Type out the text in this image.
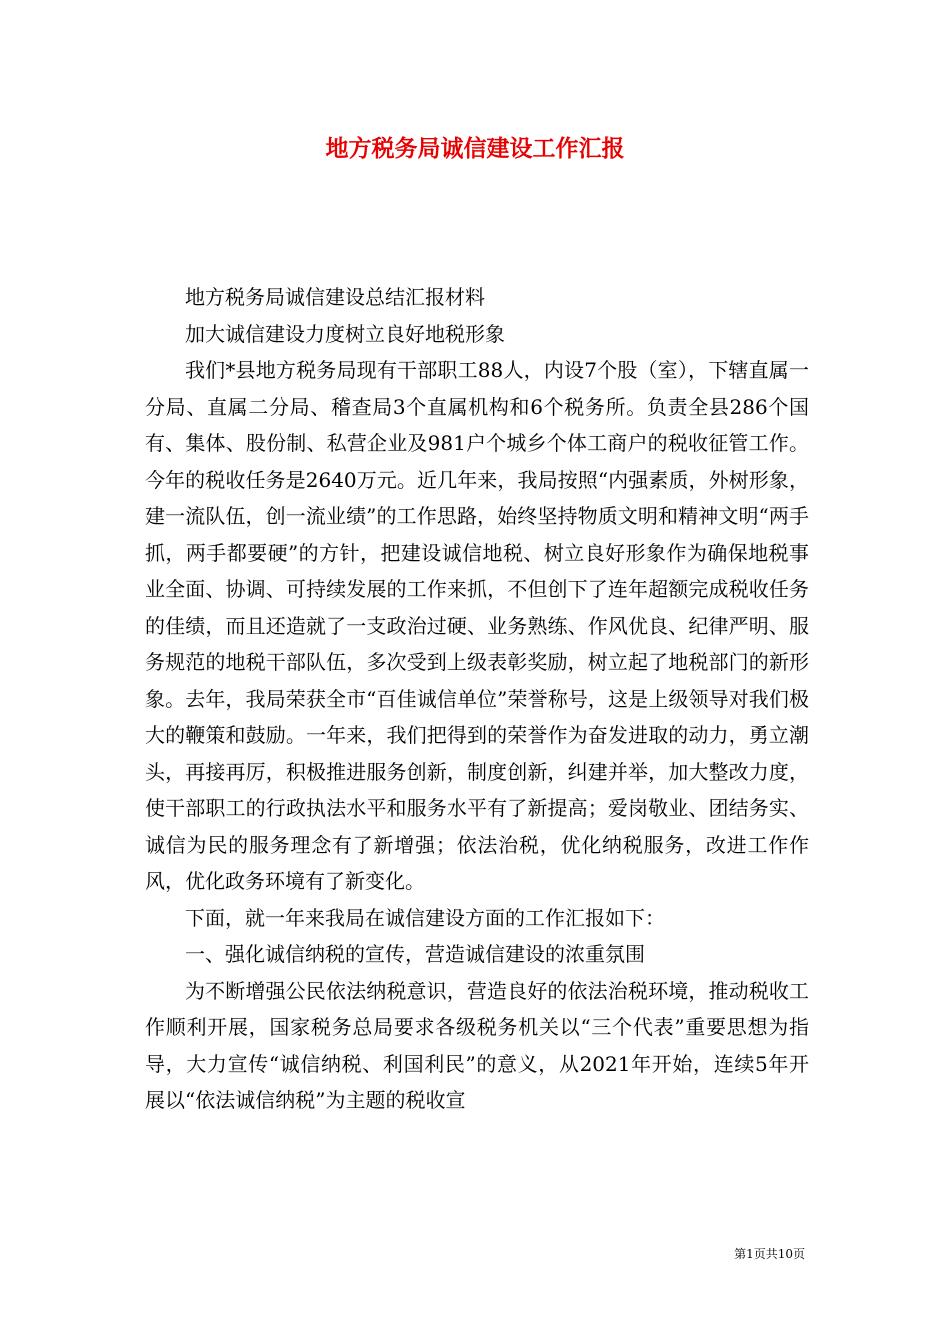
地方税务局诚信建设工作汇报

地方税务局诚信建设总结汇报材料

加大诚信建设力度树立良好地税形象

我们*县地方税务局现有干部职工88人，内设7个股（室），下辖直属一分局、直属二分局、稽查局3个直属机构和6个税务所。负责全县286个国有、集体、股份制、私营企业及981户个城乡个体工商户的税收征管工作。今年的税收任务是2640万元。近几年来，我局按照“内强素质，外树形象，建一流队伍，创一流业绩”的工作思路，始终坚持物质文明和精神文明“两手抓，两手都要硬”的方针，把建设诚信地税、树立良好形象作为确保地税事业全面、协调、可持续发展的工作来抓，不但创下了连年超额完成税收任务的佳绩，而且还造就了一支政治过硬、业务熟练、作风优良、纪律严明、服务规范的地税干部队伍，多次受到上级表彰奖励，树立起了地税部门的新形象。去年，我局荣获全市“百佳诚信单位”荣誉称号，这是上级领导对我们极大的鞭策和鼓励。一年来，我们把得到的荣誉作为奋发进取的动力，勇立潮头，再接再厉，积极推进服务创新，制度创新，纠建并举，加大整改力度，使干部职工的行政执法水平和服务水平有了新提高；爱岗敬业、团结务实、诚信为民的服务理念有了新增强；依法治税，优化纳税服务，改进工作作风，优化政务环境有了新变化。

下面，就一年来我局在诚信建设方面的工作汇报如下：

一、强化诚信纳税的宣传，营造诚信建设的浓重氛围

为不断增强公民依法纳税意识，营造良好的依法治税环境，推动税收工作顺利开展，国家税务总局要求各级税务机关以“三个代表”重要思想为指导，大力宣传“诚信纳税、利国利民”的意义，从2021年开始，连续5年开展以“依法诚信纳税”为主题的税收宣

第1页共10页
